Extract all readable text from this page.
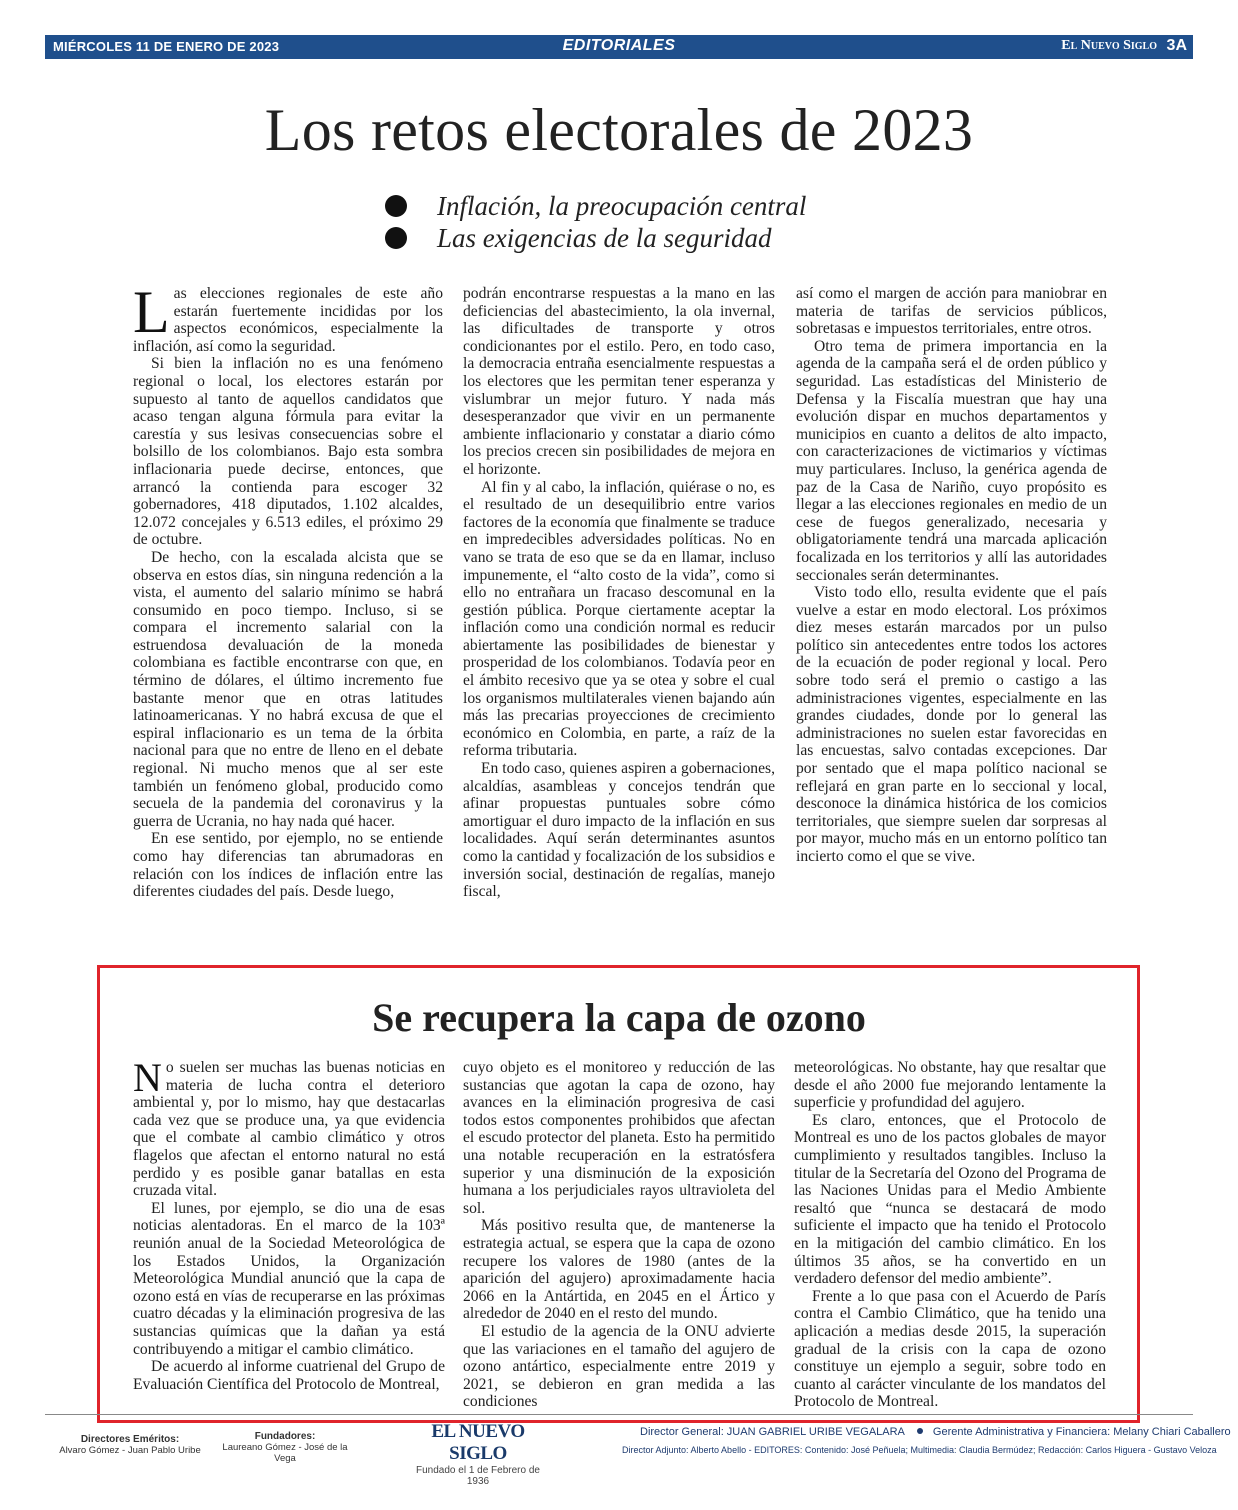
MIÉRCOLES 11 DE ENERO DE 2023	EDITORIALES	El Nuevo Siglo 3A
Los retos electorales de 2023
Inflación, la preocupación central
Las exigencias de la seguridad

Las elecciones regionales de este año estarán fuertemente incididas por los aspectos económicos, especialmente la inflación, así como la seguridad.

Si bien la inflación no es una fenómeno regional o local, los electores estarán por supuesto al tanto de aquellos candidatos que acaso tengan alguna fórmula para evitar la carestía y sus lesivas consecuencias sobre el bolsillo de los colombianos. Bajo esta sombra inflacionaria puede decirse, entonces, que arrancó la contienda para escoger 32 gobernadores, 418 diputados, 1.102 alcaldes, 12.072 concejales y 6.513 ediles, el próximo 29 de octubre.

De hecho, con la escalada alcista que se observa en estos días, sin ninguna redención a la vista, el aumento del salario mínimo se habrá consumido en poco tiempo. Incluso, si se compara el incremento salarial con la estruendosa devaluación de la moneda colombiana es factible encontrarse con que, en término de dólares, el último incremento fue bastante menor que en otras latitudes latinoamericanas. Y no habrá excusa de que el espiral inflacionario es un tema de la órbita nacional para que no entre de lleno en el debate regional. Ni mucho menos que al ser este también un fenómeno global, producido como secuela de la pandemia del coronavirus y la guerra de Ucrania, no hay nada qué hacer.

En ese sentido, por ejemplo, no se entiende como hay diferencias tan abrumadoras en relación con los índices de inflación entre las diferentes ciudades del país. Desde luego,

podrán encontrarse respuestas a la mano en las deficiencias del abastecimiento, la ola invernal, las dificultades de transporte y otros condicionantes por el estilo. Pero, en todo caso, la democracia entraña esencialmente respuestas a los electores que les permitan tener esperanza y vislumbrar un mejor futuro. Y nada más desesperanzador que vivir en un permanente ambiente inflacionario y constatar a diario cómo los precios crecen sin posibilidades de mejora en el horizonte.

Al fin y al cabo, la inflación, quiérase o no, es el resultado de un desequilibrio entre varios factores de la economía que finalmente se traduce en impredecibles adversidades políticas. No en vano se trata de eso que se da en llamar, incluso impunemente, el “alto costo de la vida”, como si ello no entrañara un fracaso descomunal en la gestión pública. Porque ciertamente aceptar la inflación como una condición normal es reducir abiertamente las posibilidades de bienestar y prosperidad de los colombianos. Todavía peor en el ámbito recesivo que ya se otea y sobre el cual los organismos multilaterales vienen bajando aún más las precarias proyecciones de crecimiento económico en Colombia, en parte, a raíz de la reforma tributaria.

En todo caso, quienes aspiren a gobernaciones, alcaldías, asambleas y concejos tendrán que afinar propuestas puntuales sobre cómo amortiguar el duro impacto de la inflación en sus localidades. Aquí serán determinantes asuntos como la cantidad y focalización de los subsidios e inversión social, destinación de regalías, manejo fiscal,

así como el margen de acción para maniobrar en materia de tarifas de servicios públicos, sobretasas e impuestos territoriales, entre otros.

Otro tema de primera importancia en la agenda de la campaña será el de orden público y seguridad. Las estadísticas del Ministerio de Defensa y la Fiscalía muestran que hay una evolución dispar en muchos departamentos y municipios en cuanto a delitos de alto impacto, con caracterizaciones de victimarios y víctimas muy particulares. Incluso, la genérica agenda de paz de la Casa de Nariño, cuyo propósito es llegar a las elecciones regionales en medio de un cese de fuegos generalizado, necesaria y obligatoriamente tendrá una marcada aplicación focalizada en los territorios y allí las autoridades seccionales serán determinantes.

Visto todo ello, resulta evidente que el país vuelve a estar en modo electoral. Los próximos diez meses estarán marcados por un pulso político sin antecedentes entre todos los actores de la ecuación de poder regional y local. Pero sobre todo será el premio o castigo a las administraciones vigentes, especialmente en las grandes ciudades, donde por lo general las administraciones no suelen estar favorecidas en las encuestas, salvo contadas excepciones. Dar por sentado que el mapa político nacional se reflejará en gran parte en lo seccional y local, desconoce la dinámica histórica de los comicios territoriales, que siempre suelen dar sorpresas al por mayor, mucho más en un entorno político tan incierto como el que se vive.

Se recupera la capa de ozono

No suelen ser muchas las buenas noticias en materia de lucha contra el deterioro ambiental y, por lo mismo, hay que destacarlas cada vez que se produce una, ya que evidencia que el combate al cambio climático y otros flagelos que afectan el entorno natural no está perdido y es posible ganar batallas en esta cruzada vital.

El lunes, por ejemplo, se dio una de esas noticias alentadoras. En el marco de la 103ª reunión anual de la Sociedad Meteorológica de los Estados Unidos, la Organización Meteorológica Mundial anunció que la capa de ozono está en vías de recuperarse en las próximas cuatro décadas y la eliminación progresiva de las sustancias químicas que la dañan ya está contribuyendo a mitigar el cambio climático.

De acuerdo al informe cuatrienal del Grupo de Evaluación Científica del Protocolo de Montreal,

cuyo objeto es el monitoreo y reducción de las sustancias que agotan la capa de ozono, hay avances en la eliminación progresiva de casi todos estos componentes prohibidos que afectan el escudo protector del planeta. Esto ha permitido una notable recuperación en la estratósfera superior y una disminución de la exposición humana a los perjudiciales rayos ultravioleta del sol.

Más positivo resulta que, de mantenerse la estrategia actual, se espera que la capa de ozono recupere los valores de 1980 (antes de la aparición del agujero) aproximadamente hacia 2066 en la Antártida, en 2045 en el Ártico y alrededor de 2040 en el resto del mundo.

El estudio de la agencia de la ONU advierte que las variaciones en el tamaño del agujero de ozono antártico, especialmente entre 2019 y 2021, se debieron en gran medida a las condiciones

meteorológicas. No obstante, hay que resaltar que desde el año 2000 fue mejorando lentamente la superficie y profundidad del agujero.

Es claro, entonces, que el Protocolo de Montreal es uno de los pactos globales de mayor cumplimiento y resultados tangibles. Incluso la titular de la Secretaría del Ozono del Programa de las Naciones Unidas para el Medio Ambiente resaltó que “nunca se destacará de modo suficiente el impacto que ha tenido el Protocolo en la mitigación del cambio climático. En los últimos 35 años, se ha convertido en un verdadero defensor del medio ambiente”.

Frente a lo que pasa con el Acuerdo de París contra el Cambio Climático, que ha tenido una aplicación a medias desde 2015, la superación gradual de la crisis con la capa de ozono constituye un ejemplo a seguir, sobre todo en cuanto al carácter vinculante de los mandatos del Protocolo de Montreal.

Directores Eméritos:
Alvaro Gómez - Juan Pablo Uribe
Fundadores:
Laureano Gómez - José de la Vega
EL NUEVO SIGLO
Fundado el 1 de Febrero de 1936
Director General: JUAN GABRIEL URIBE VEGALARA	Gerente Administrativa y Financiera: Melany Chiari Caballero
Director Adjunto: Alberto Abello - EDITORES: Contenido: José Peñuela; Multimedia: Claudia Bermúdez; Redacción: Carlos Higuera - Gustavo Veloza
